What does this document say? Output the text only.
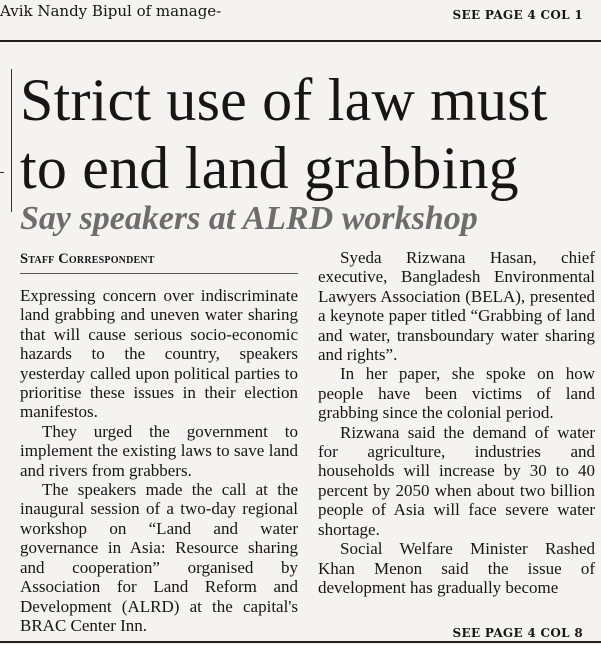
Avik Nandy Bipul of manage-	SEE PAGE 4 COL 1
Strict use of law must to end land grabbing
Say speakers at ALRD workshop
Staff Correspondent

Expressing concern over indiscriminate land grabbing and uneven water sharing that will cause serious socio-economic hazards to the country, speakers yesterday called upon political parties to prioritise these issues in their election manifestos.

They urged the government to implement the existing laws to save land and rivers from grabbers.

The speakers made the call at the inaugural session of a two-day regional workshop on “Land and water governance in Asia: Resource sharing and cooperation” organised by Association for Land Reform and Development (ALRD) at the capital's BRAC Center Inn.

Syeda Rizwana Hasan, chief executive, Bangladesh Environmental Lawyers Association (BELA), presented a keynote paper titled “Grabbing of land and water, transboundary water sharing and rights”.

In her paper, she spoke on how people have been victims of land grabbing since the colonial period.

Rizwana said the demand of water for agriculture, industries and households will increase by 30 to 40 percent by 2050 when about two billion people of Asia will face severe water shortage.

Social Welfare Minister Rashed Khan Menon said the issue of development has gradually become

SEE PAGE 4 COL 8
